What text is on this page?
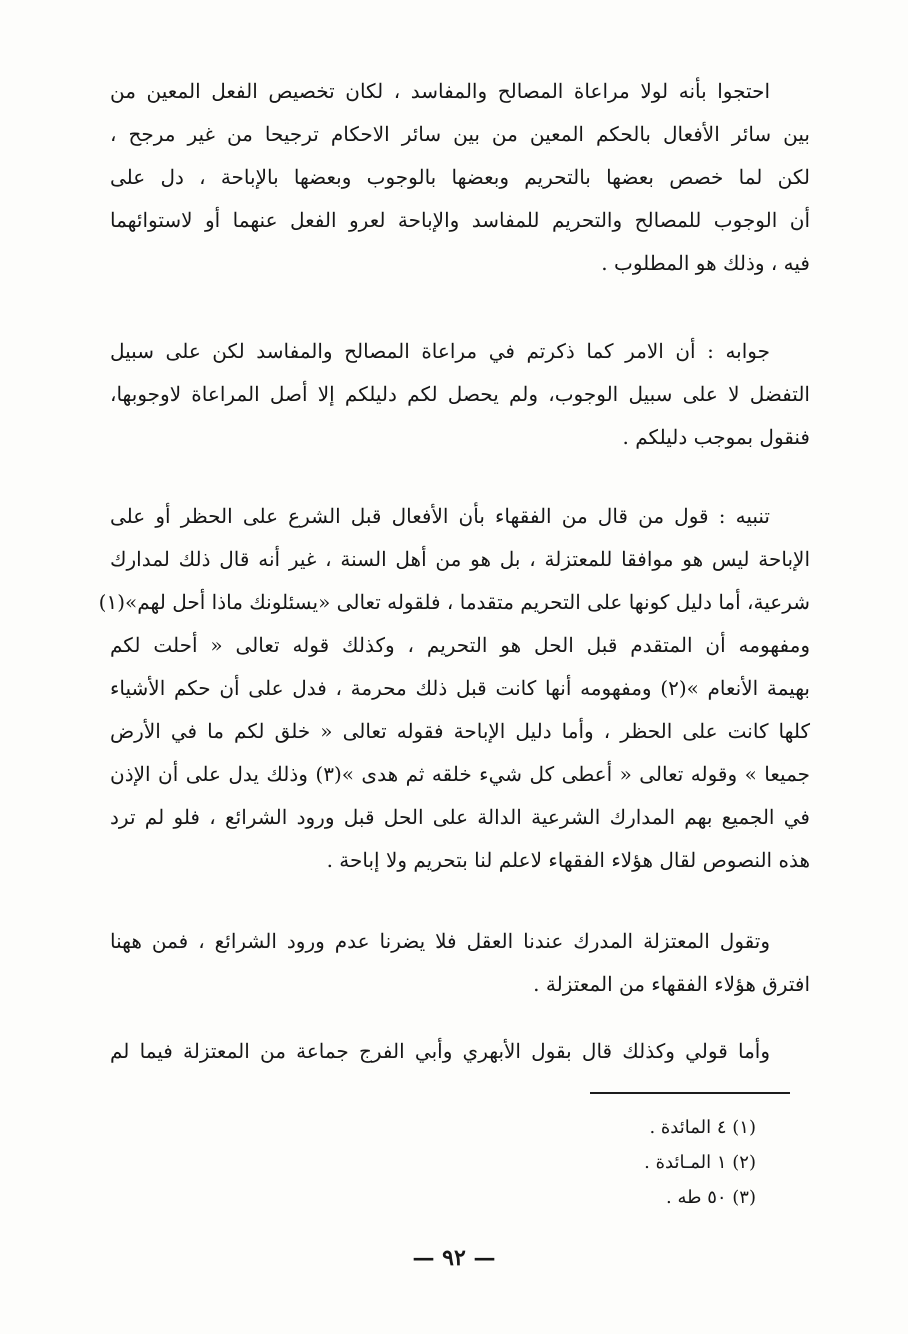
احتجوا بأنه لولا مراعاة المصالح والمفاسد ، لكان تخصيص الفعل المعين من
بين سائر الأفعال بالحكم المعين من بين سائر الاحكام ترجيحا من غير مرجح ،
لكن لما خصص بعضها بالتحريم وبعضها بالوجوب وبعضها بالإباحة ، دل على
أن الوجوب للمصالح والتحريم للمفاسد والإباحة لعرو الفعل عنهما أو لاستوائهما
فيه ، وذلك هو المطلوب .
جوابه : أن الامر كما ذكرتم في مراعاة المصالح والمفاسد لكن على سبيل
التفضل لا على سبيل الوجوب، ولم يحصل لكم دليلكم إلا أصل المراعاة لاوجوبها،
فنقول بموجب دليلكم .
تنبيه : قول من قال من الفقهاء بأن الأفعال قبل الشرع على الحظر أو على
الإباحة ليس هو موافقا للمعتزلة ، بل هو من أهل السنة ، غير أنه قال ذلك لمدارك
شرعية، أما دليل كونها على التحريم متقدما ، فلقوله تعالى «يسئلونك ماذا أحل لهم»(١)
ومفهومه أن المتقدم قبل الحل هو التحريم ، وكذلك قوله تعالى « أحلت لكم
بهيمة الأنعام »(٢) ومفهومه أنها كانت قبل ذلك محرمة ، فدل على أن حكم الأشياء
كلها كانت على الحظر ، وأما دليل الإباحة فقوله تعالى « خلق لكم ما في الأرض
جميعا » وقوله تعالى « أعطى كل شيء خلقه ثم هدى »(٣) وذلك يدل على أن الإذن
في الجميع بهم المدارك الشرعية الدالة على الحل قبل ورود الشرائع ، فلو لم ترد
هذه النصوص لقال هؤلاء الفقهاء لاعلم لنا بتحريم ولا إباحة .
وتقول المعتزلة المدرك عندنا العقل فلا يضرنا عدم ورود الشرائع ، فمن ههنا
افترق هؤلاء الفقهاء من المعتزلة .
وأما قولي وكذلك قال بقول الأبهري وأبي الفرج جماعة من المعتزلة فيما لم
(١) ٤ المائدة .
(٢) ١ المـائدة .
(٣) ٥٠ طه .
— ٩٢ —
